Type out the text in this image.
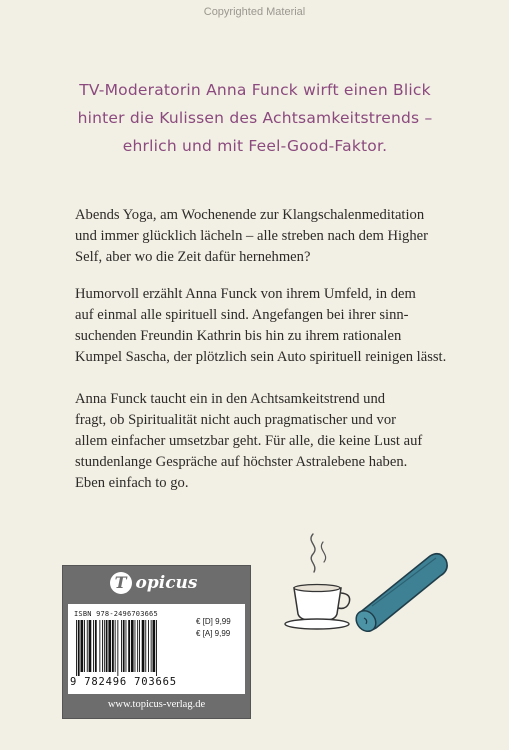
Copyrighted Material
TV-Moderatorin Anna Funck wirft einen Blick
hinter die Kulissen des Achtsamkeitstrends –
ehrlich und mit Feel-Good-Faktor.
Abends Yoga, am Wochenende zur Klangschalenmeditation
und immer glücklich lächeln – alle streben nach dem Higher
Self, aber wo die Zeit dafür hernehmen?
Humorvoll erzählt Anna Funck von ihrem Umfeld, in dem
auf einmal alle spirituell sind. Angefangen bei ihrer sinn-
suchenden Freundin Kathrin bis hin zu ihrem rationalen
Kumpel Sascha, der plötzlich sein Auto spirituell reinigen lässt.
Anna Funck taucht ein in den Achtsamkeitstrend und
fragt, ob Spiritualität nicht auch pragmatischer und vor
allem einfacher umsetzbar geht. Für alle, die keine Lust auf
stundenlange Gespräche auf höchster Astralebene haben.
Eben einfach to go.
T opicus
ISBN 978-2496703665
9 782496 703665
€ [D] 9,99
€ [A] 9,99
www.topicus-verlag.de
